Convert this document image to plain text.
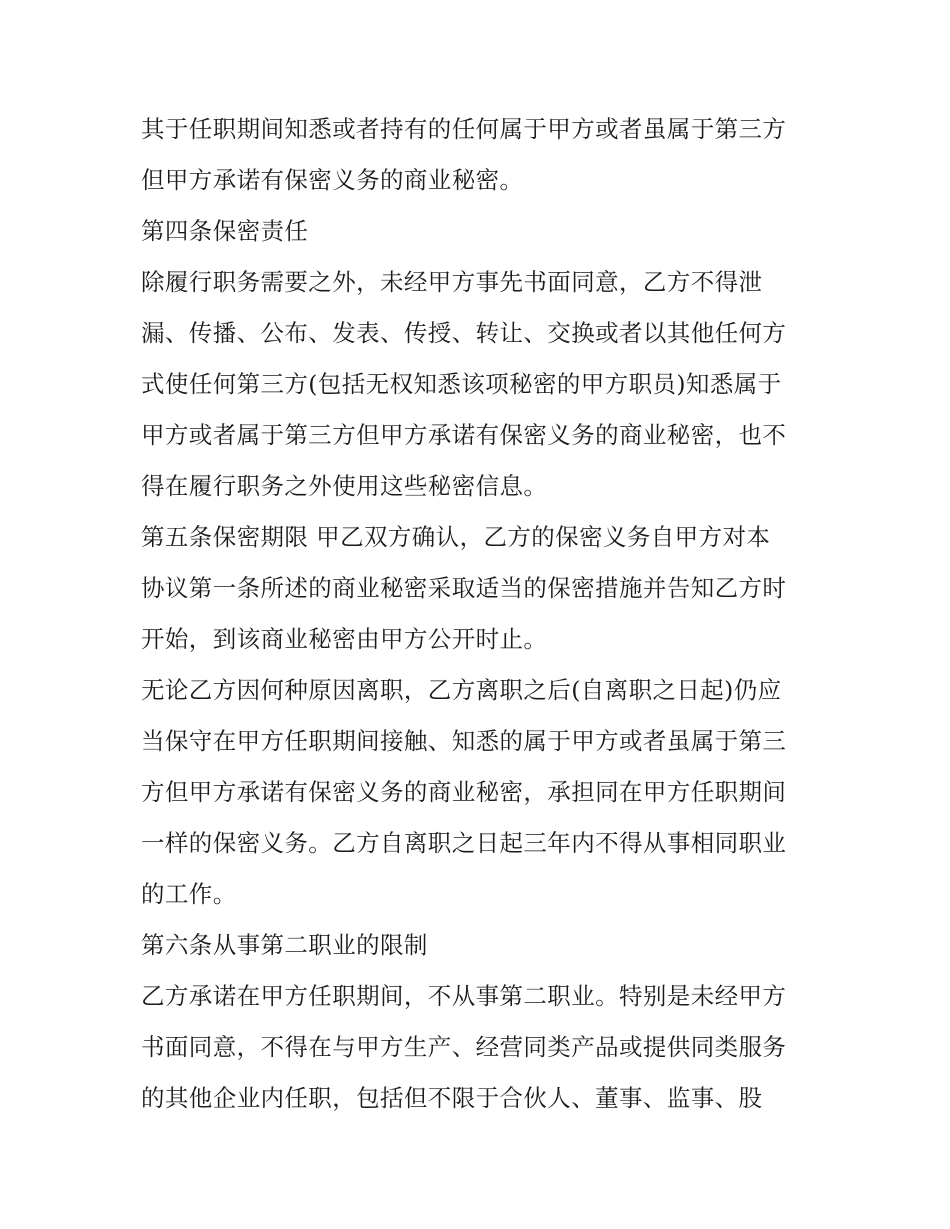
其于任职期间知悉或者持有的任何属于甲方或者虽属于第三方
但甲方承诺有保密义务的商业秘密。
第四条保密责任
除履行职务需要之外，未经甲方事先书面同意，乙方不得泄
漏、传播、公布、发表、传授、转让、交换或者以其他任何方
式使任何第三方(包括无权知悉该项秘密的甲方职员)知悉属于
甲方或者属于第三方但甲方承诺有保密义务的商业秘密，也不
得在履行职务之外使用这些秘密信息。
第五条保密期限 甲乙双方确认，乙方的保密义务自甲方对本
协议第一条所述的商业秘密采取适当的保密措施并告知乙方时
开始，到该商业秘密由甲方公开时止。
无论乙方因何种原因离职，乙方离职之后(自离职之日起)仍应
当保守在甲方任职期间接触、知悉的属于甲方或者虽属于第三
方但甲方承诺有保密义务的商业秘密，承担同在甲方任职期间
一样的保密义务。乙方自离职之日起三年内不得从事相同职业
的工作。
第六条从事第二职业的限制
乙方承诺在甲方任职期间，不从事第二职业。特别是未经甲方
书面同意，不得在与甲方生产、经营同类产品或提供同类服务
的其他企业内任职，包括但不限于合伙人、董事、监事、股
